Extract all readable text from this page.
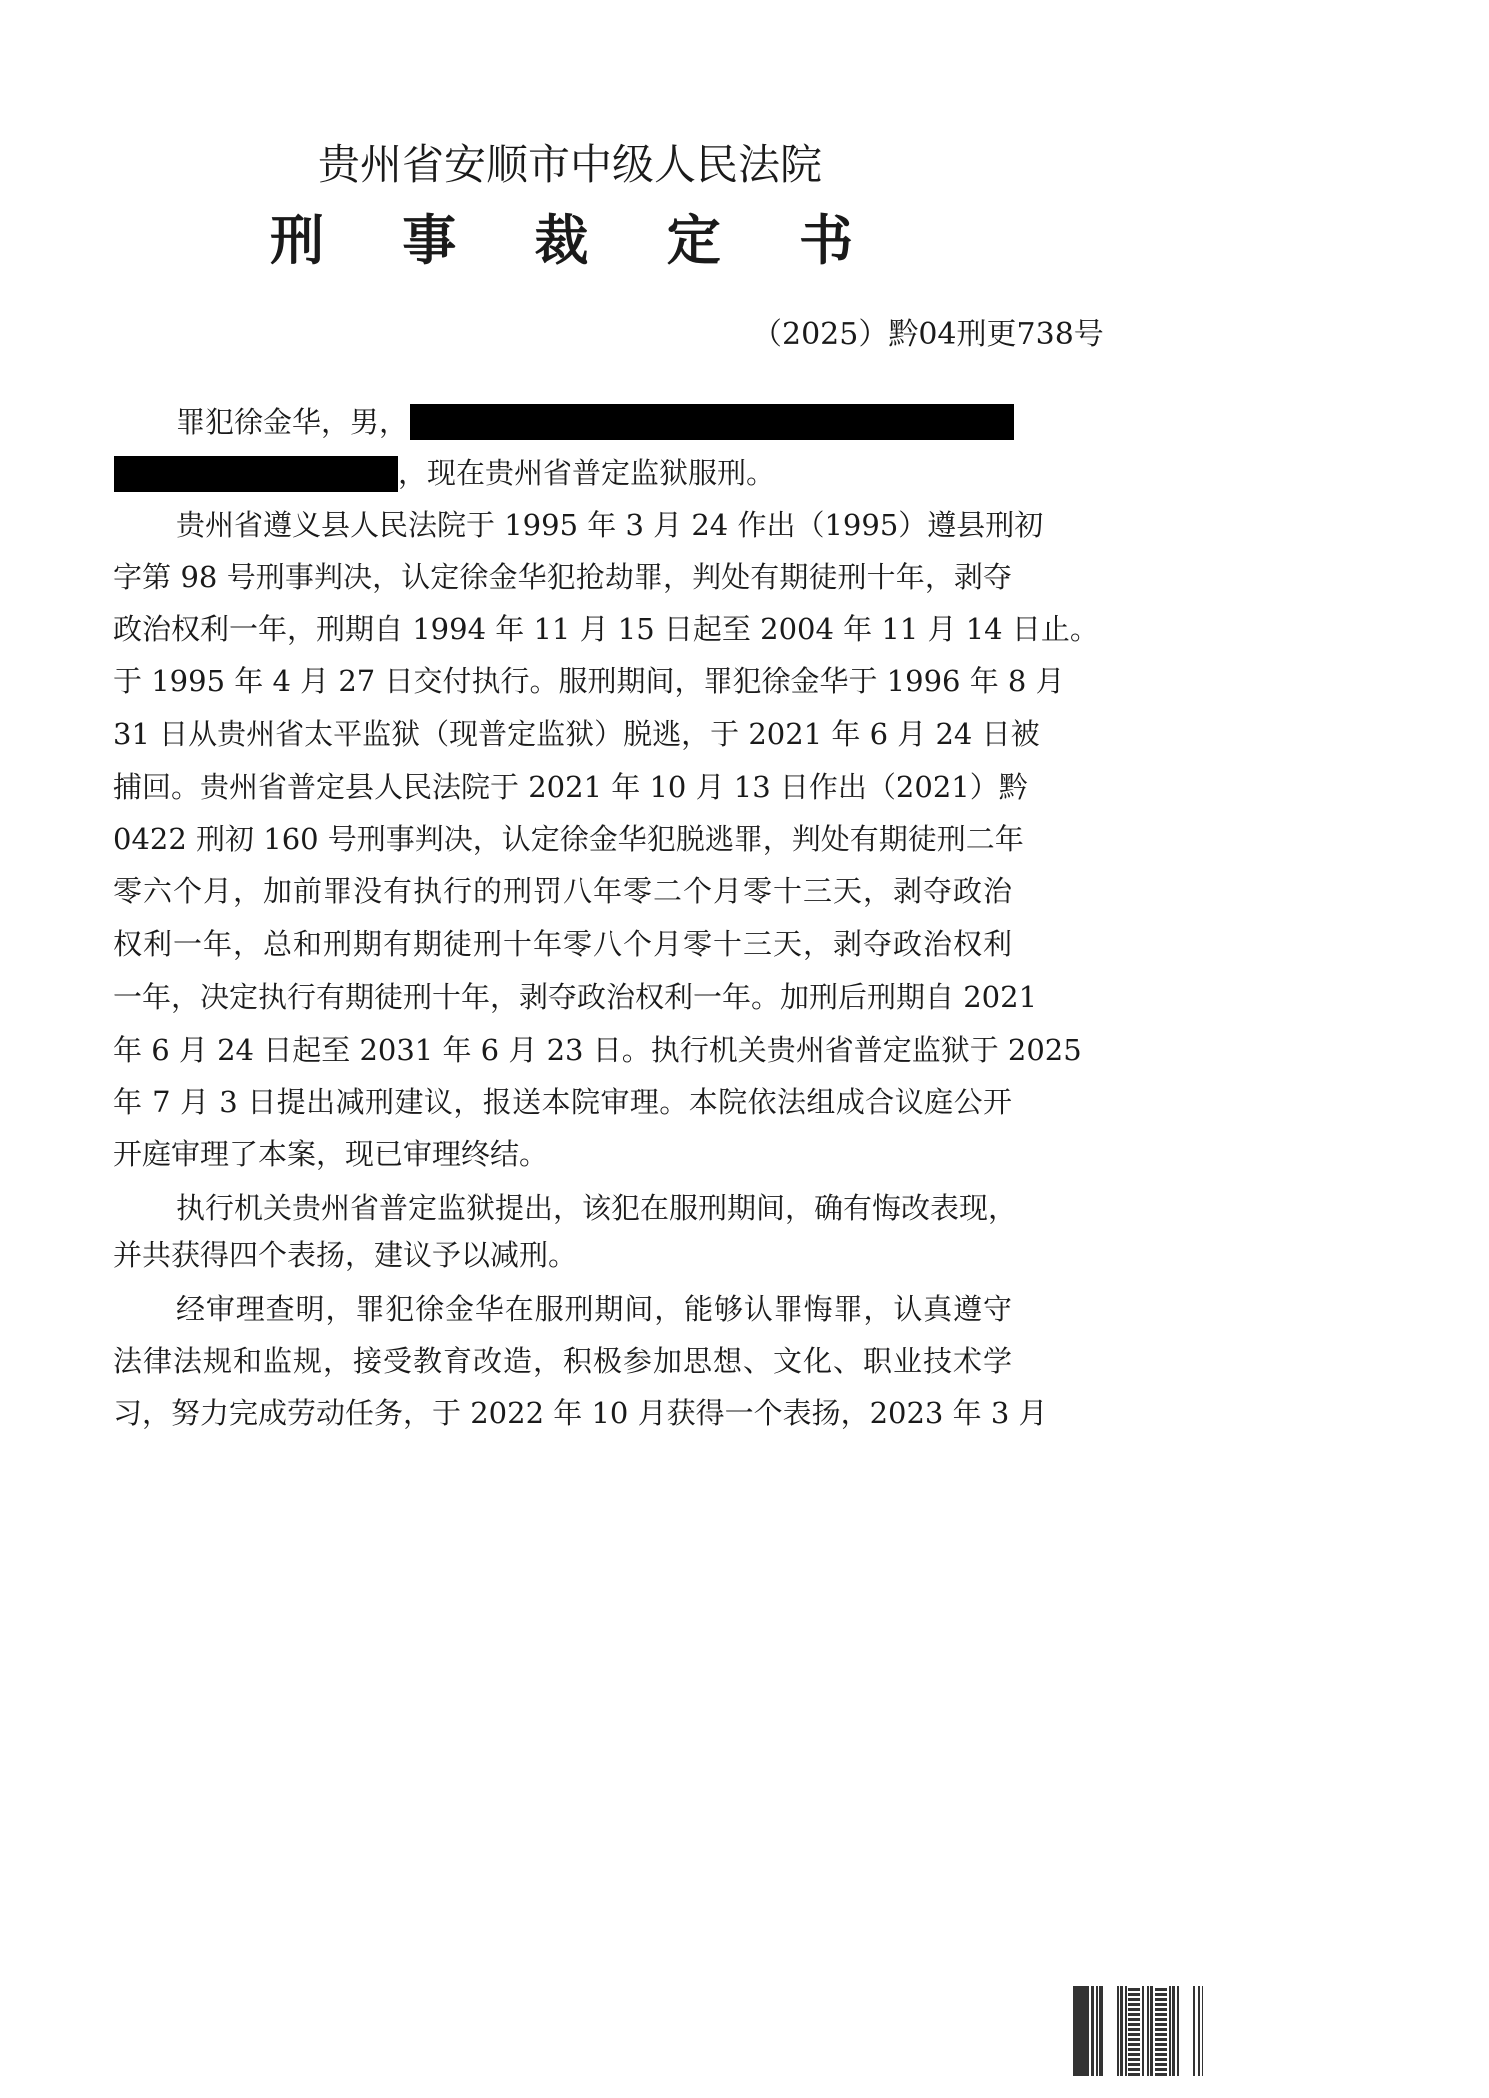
贵州省安顺市中级人民法院
刑事裁定书
（2025）黔04刑更738号
罪犯徐金华，男，
，现在贵州省普定监狱服刑。
贵州省遵义县人民法院于 1995 年 3 月 24 作出（1995）遵县刑初
字第 98 号刑事判决，认定徐金华犯抢劫罪，判处有期徒刑十年，剥夺
政治权利一年，刑期自 1994 年 11 月 15 日起至 2004 年 11 月 14 日止。
于 1995 年 4 月 27 日交付执行。服刑期间，罪犯徐金华于 1996 年 8 月
31 日从贵州省太平监狱（现普定监狱）脱逃，于 2021 年 6 月 24 日被
捕回。贵州省普定县人民法院于 2021 年 10 月 13 日作出（2021）黔
0422 刑初 160 号刑事判决，认定徐金华犯脱逃罪，判处有期徒刑二年
零六个月，加前罪没有执行的刑罚八年零二个月零十三天，剥夺政治
权利一年，总和刑期有期徒刑十年零八个月零十三天，剥夺政治权利
一年，决定执行有期徒刑十年，剥夺政治权利一年。加刑后刑期自 2021
年 6 月 24 日起至 2031 年 6 月 23 日。执行机关贵州省普定监狱于 2025
年 7 月 3 日提出减刑建议，报送本院审理。本院依法组成合议庭公开
开庭审理了本案，现已审理终结。
执行机关贵州省普定监狱提出，该犯在服刑期间，确有悔改表现，
并共获得四个表扬，建议予以减刑。
经审理查明，罪犯徐金华在服刑期间，能够认罪悔罪，认真遵守
法律法规和监规，接受教育改造，积极参加思想、文化、职业技术学
习，努力完成劳动任务，于 2022 年 10 月获得一个表扬，2023 年 3 月
